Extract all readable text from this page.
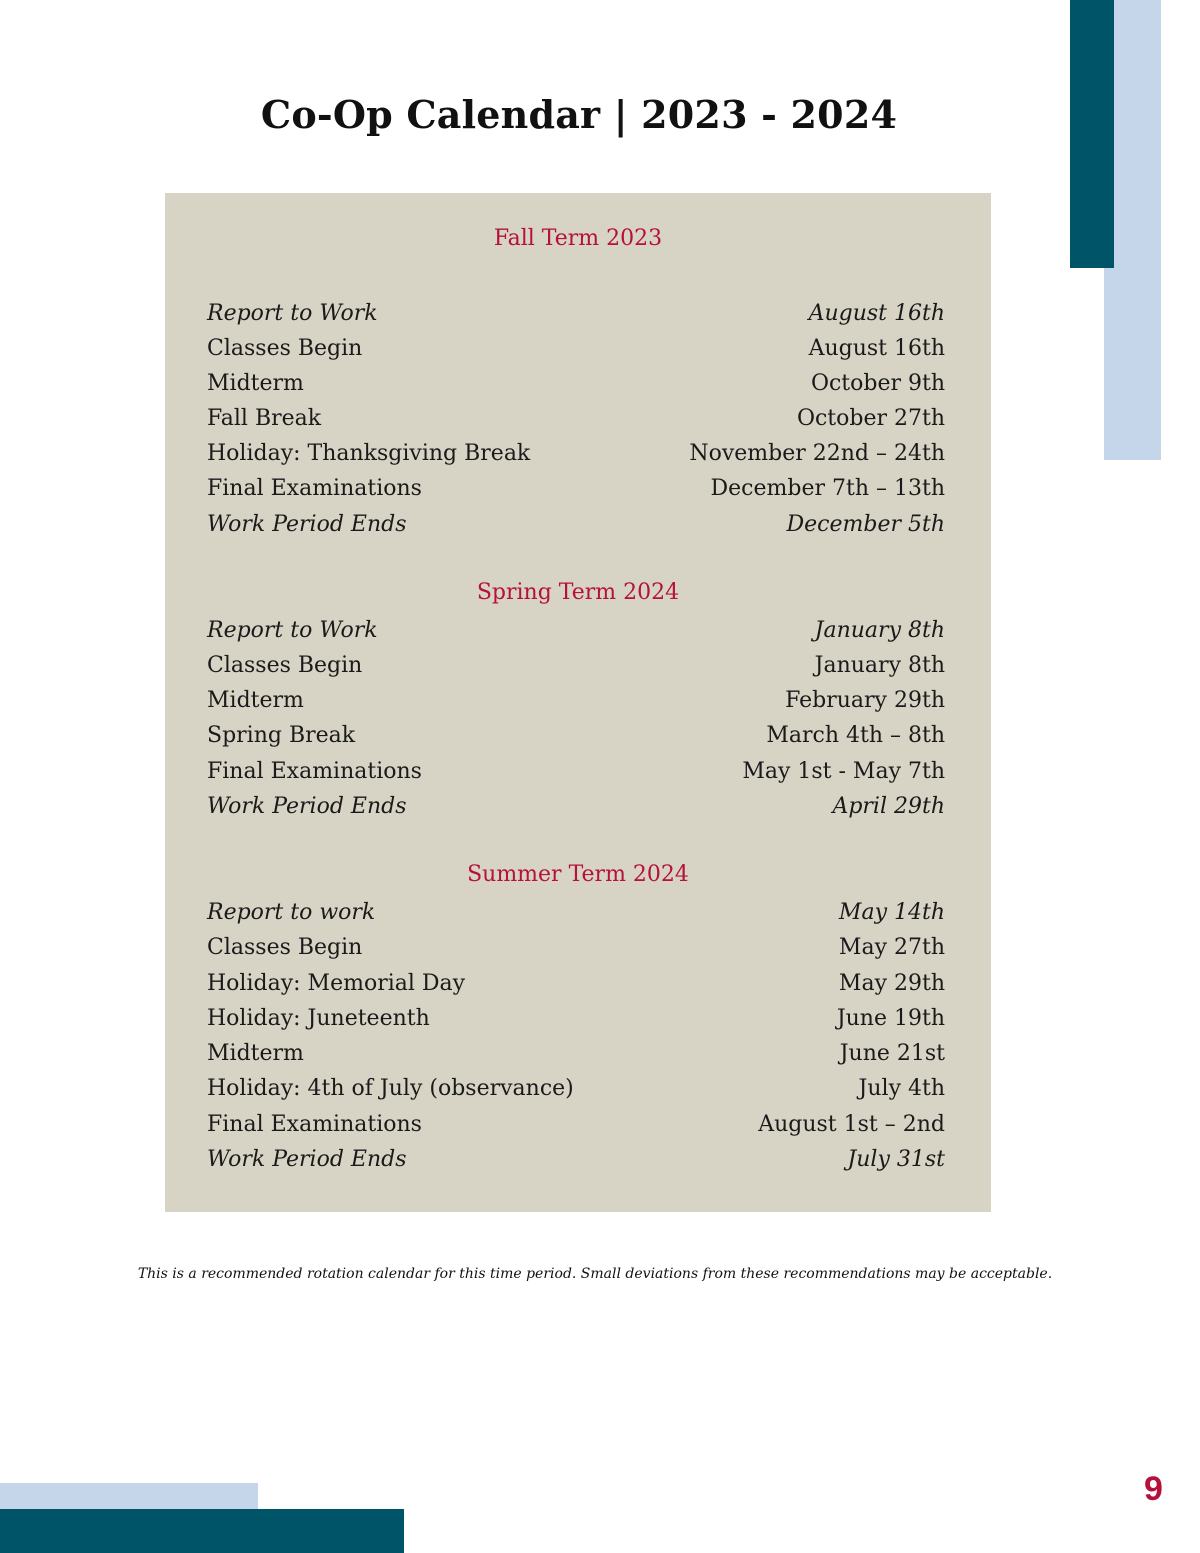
Co-Op Calendar | 2023 - 2024
Fall Term 2023
Report to Work	August 16th
Classes Begin	August 16th
Midterm	October 9th
Fall Break	October 27th
Holiday: Thanksgiving Break	November 22nd – 24th
Final Examinations	December 7th – 13th
Work Period Ends	December 5th
Spring Term 2024
Report to Work	January 8th
Classes Begin	January 8th
Midterm	February 29th
Spring Break	March 4th – 8th
Final Examinations	May 1st - May 7th
Work Period Ends	April 29th
Summer Term 2024
Report to work	May 14th
Classes Begin	May 27th
Holiday: Memorial Day	May 29th
Holiday: Juneteenth	June 19th
Midterm	June 21st
Holiday: 4th of July (observance)	July 4th
Final Examinations	August 1st – 2nd
Work Period Ends	July 31st
This is a recommended rotation calendar for this time period. Small deviations from these recommendations may be acceptable.
9
